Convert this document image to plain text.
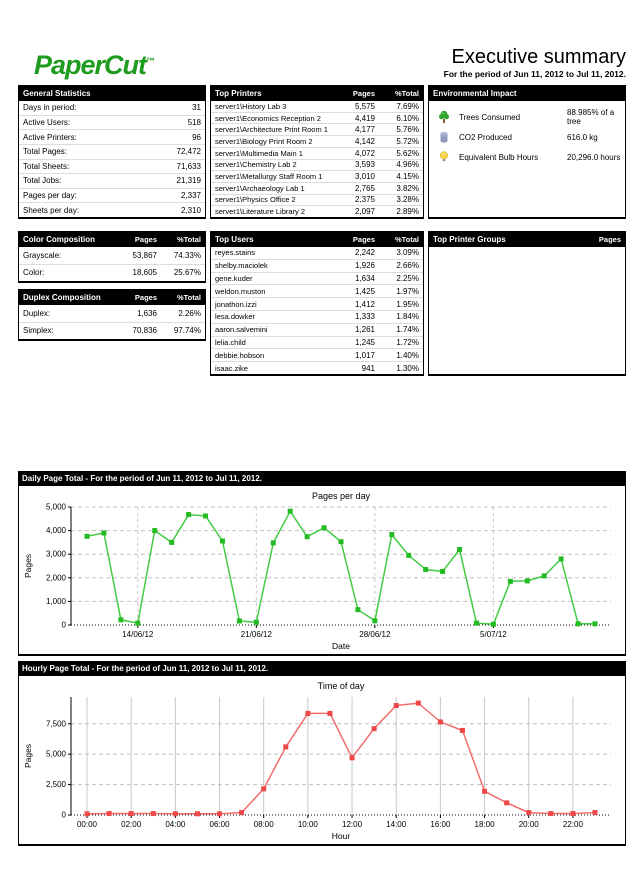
PaperCut™	Executive summary
For the period of Jun 11, 2012 to Jul 11, 2012.
General Statistics
Days in period:	31
Active Users:	518
Active Printers:	96
Total Pages:	72,472
Total Sheets:	71,633
Total Jobs:	21,319
Pages per day:	2,337
Sheets per day:	2,310
Top Printers	Pages	%Total
server1\History Lab 3	5,575	7.69%
server1\Economics Reception 2	4,419	6.10%
server1\Architecture Print Room 1	4,177	5.76%
server1\Biology Print Room 2	4,142	5.72%
server1\Multimedia Main 1	4,072	5.62%
server1\Chemistry Lab 2	3,593	4.96%
server1\Metallurgy Staff Room 1	3,010	4.15%
server1\Archaeology Lab 1	2,765	3.82%
server1\Physics Office 2	2,375	3.28%
server1\Literature Library 2	2,097	2.89%
Environmental Impact
Trees Consumed	88.985% of a tree
CO2 Produced	616.0 kg
Equivalent Bulb Hours	20,296.0 hours
Color Composition	Pages	%Total
Grayscale:	53,867	74.33%
Color:	18,605	25.67%
Duplex Composition	Pages	%Total
Duplex:	1,636	2.26%
Simplex:	70,836	97.74%
Top Users	Pages	%Total
reyes.stains	2,242	3.09%
shelby.maciolek	1,926	2.66%
gene.kuder	1,634	2.25%
weldon.muston	1,425	1.97%
jonathon.izzi	1,412	1.95%
lesa.dowker	1,333	1.84%
aaron.salvemini	1,261	1.74%
lelia.child	1,245	1.72%
debbie.hobson	1,017	1.40%
isaac.zike	941	1.30%
Top Printer Groups	Pages
Daily Page Total - For the period of Jun 11, 2012 to Jul 11, 2012.
0
1,000
2,000
3,000
4,000
5,000
14/06/12	21/06/12	28/06/12	5/07/12
Pages per day
Date
Pages
Hourly Page Total - For the period of Jun 11, 2012 to Jul 11, 2012.
0
2,500
5,000
7,500
00:00	02:00	04:00	06:00	08:00	10:00	12:00	14:00	16:00	18:00	20:00	22:00
Time of day
Hour
Pages
